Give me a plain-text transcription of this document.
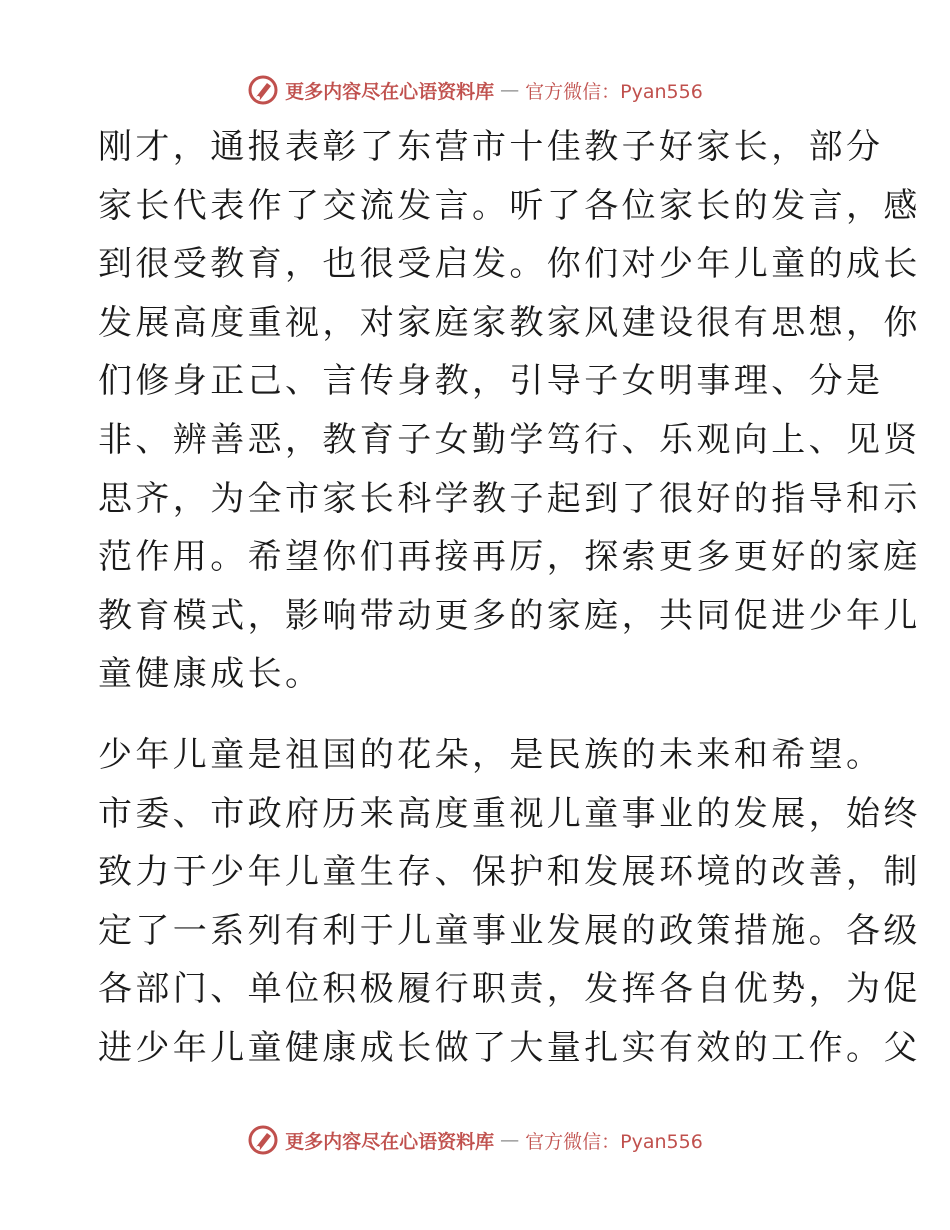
更多内容尽在心语资料库 — 官方微信：Pyan556

刚才，通报表彰了东营市十佳教子好家长，部分
家长代表作了交流发言。听了各位家长的发言，感
到很受教育，也很受启发。你们对少年儿童的成长
发展高度重视，对家庭家教家风建设很有思想，你
们修身正己、言传身教，引导子女明事理、分是
非、辨善恶，教育子女勤学笃行、乐观向上、见贤
思齐，为全市家长科学教子起到了很好的指导和示
范作用。希望你们再接再厉，探索更多更好的家庭
教育模式，影响带动更多的家庭，共同促进少年儿
童健康成长。

少年儿童是祖国的花朵，是民族的未来和希望。
市委、市政府历来高度重视儿童事业的发展，始终
致力于少年儿童生存、保护和发展环境的改善，制
定了一系列有利于儿童事业发展的政策措施。各级
各部门、单位积极履行职责，发挥各自优势，为促
进少年儿童健康成长做了大量扎实有效的工作。父

更多内容尽在心语资料库 — 官方微信：Pyan556
